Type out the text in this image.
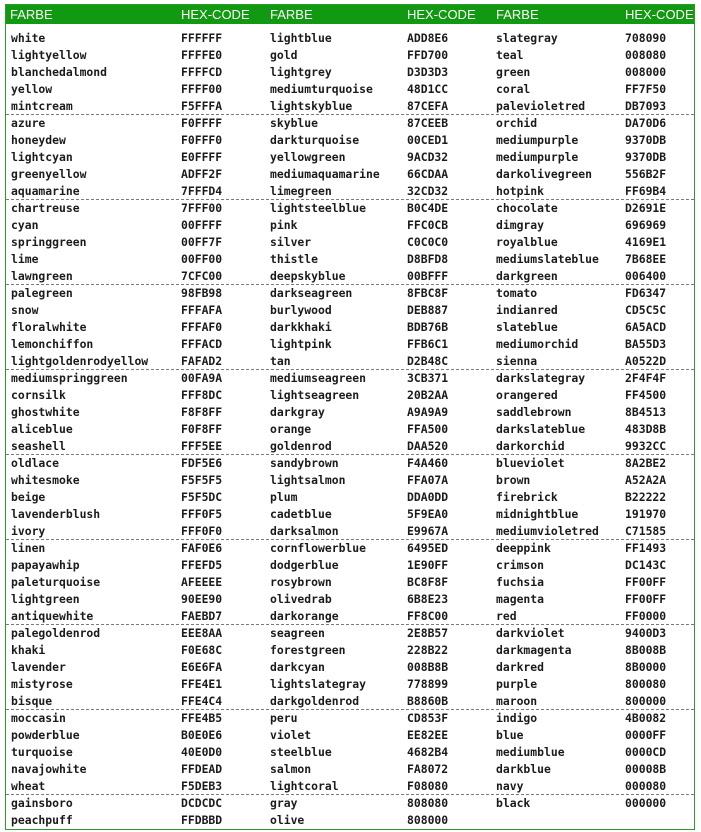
FARBE	HEX-CODE FARBE	HEX-CODE FARBE	HEX-CODE
white	FFFFFF	lightblue	ADD8E6	slategray	708090
lightyellow	FFFFE0	gold	FFD700	teal	008080
blanchedalmond	FFFFCD	lightgrey	D3D3D3	green	008000
yellow	FFFF00	mediumturquoise	48D1CC	coral	FF7F50
mintcream	F5FFFA	lightskyblue	87CEFA	palevioletred	DB7093
azure	F0FFFF	skyblue	87CEEB	orchid	DA70D6
honeydew	F0FFF0	darkturquoise	00CED1	mediumpurple	9370DB
lightcyan	E0FFFF	yellowgreen	9ACD32	mediumpurple	9370DB
greenyellow	ADFF2F	mediumaquamarine 66CDAA	darkolivegreen	556B2F
aquamarine	7FFFD4	limegreen	32CD32	hotpink	FF69B4
chartreuse	7FFF00	lightsteelblue	B0C4DE	chocolate	D2691E
cyan	00FFFF	pink	FFC0CB	dimgray	696969
springgreen	00FF7F	silver	C0C0C0	royalblue	4169E1
lime	00FF00	thistle	D8BFD8	mediumslateblue 7B68EE
lawngreen	7CFC00	deepskyblue	00BFFF	darkgreen	006400
palegreen	98FB98	darkseagreen	8FBC8F	tomato	FD6347
snow	FFFAFA	burlywood	DEB887	indianred	CD5C5C
floralwhite	FFFAF0	darkkhaki	BDB76B	slateblue	6A5ACD
lemonchiffon	FFFACD	lightpink	FFB6C1	mediumorchid	BA55D3
lightgoldenrodyellow	FAFAD2	tan	D2B48C	sienna	A0522D
mediumspringgreen	00FA9A	mediumseagreen	3CB371	darkslategray	2F4F4F
cornsilk	FFF8DC	lightseagreen	20B2AA	orangered	FF4500
ghostwhite	F8F8FF	darkgray	A9A9A9	saddlebrown	8B4513
aliceblue	F0F8FF	orange	FFA500	darkslateblue	483D8B
seashell	FFF5EE	goldenrod	DAA520	darkorchid	9932CC
oldlace	FDF5E6	sandybrown	F4A460	blueviolet	8A2BE2
whitesmoke	F5F5F5	lightsalmon	FFA07A	brown	A52A2A
beige	F5F5DC	plum	DDA0DD	firebrick	B22222
lavenderblush	FFF0F5	cadetblue	5F9EA0	midnightblue	191970
ivory	FFF0F0	darksalmon	E9967A	mediumvioletred C71585
linen	FAF0E6	cornflowerblue	6495ED	deeppink	FF1493
papayawhip	FFEFD5	dodgerblue	1E90FF	crimson	DC143C
paleturquoise	AFEEEE	rosybrown	BC8F8F	fuchsia	FF00FF
lightgreen	90EE90	olivedrab	6B8E23	magenta	FF00FF
antiquewhite	FAEBD7	darkorange	FF8C00	red	FF0000
palegoldenrod	EEE8AA	seagreen	2E8B57	darkviolet	9400D3
khaki	F0E68C	forestgreen	228B22	darkmagenta	8B008B
lavender	E6E6FA	darkcyan	008B8B	darkred	8B0000
mistyrose	FFE4E1	lightslategray	778899	purple	800080
bisque	FFE4C4	darkgoldenrod	B8860B	maroon	800000
moccasin	FFE4B5	peru	CD853F	indigo	4B0082
powderblue	B0E0E6	violet	EE82EE	blue	0000FF
turquoise	40E0D0	steelblue	4682B4	mediumblue	0000CD
navajowhite	FFDEAD	salmon	FA8072	darkblue	00008B
wheat	F5DEB3	lightcoral	F08080	navy	000080
gainsboro	DCDCDC	gray	808080	black	000000
peachpuff	FFDBBD	olive	808000
